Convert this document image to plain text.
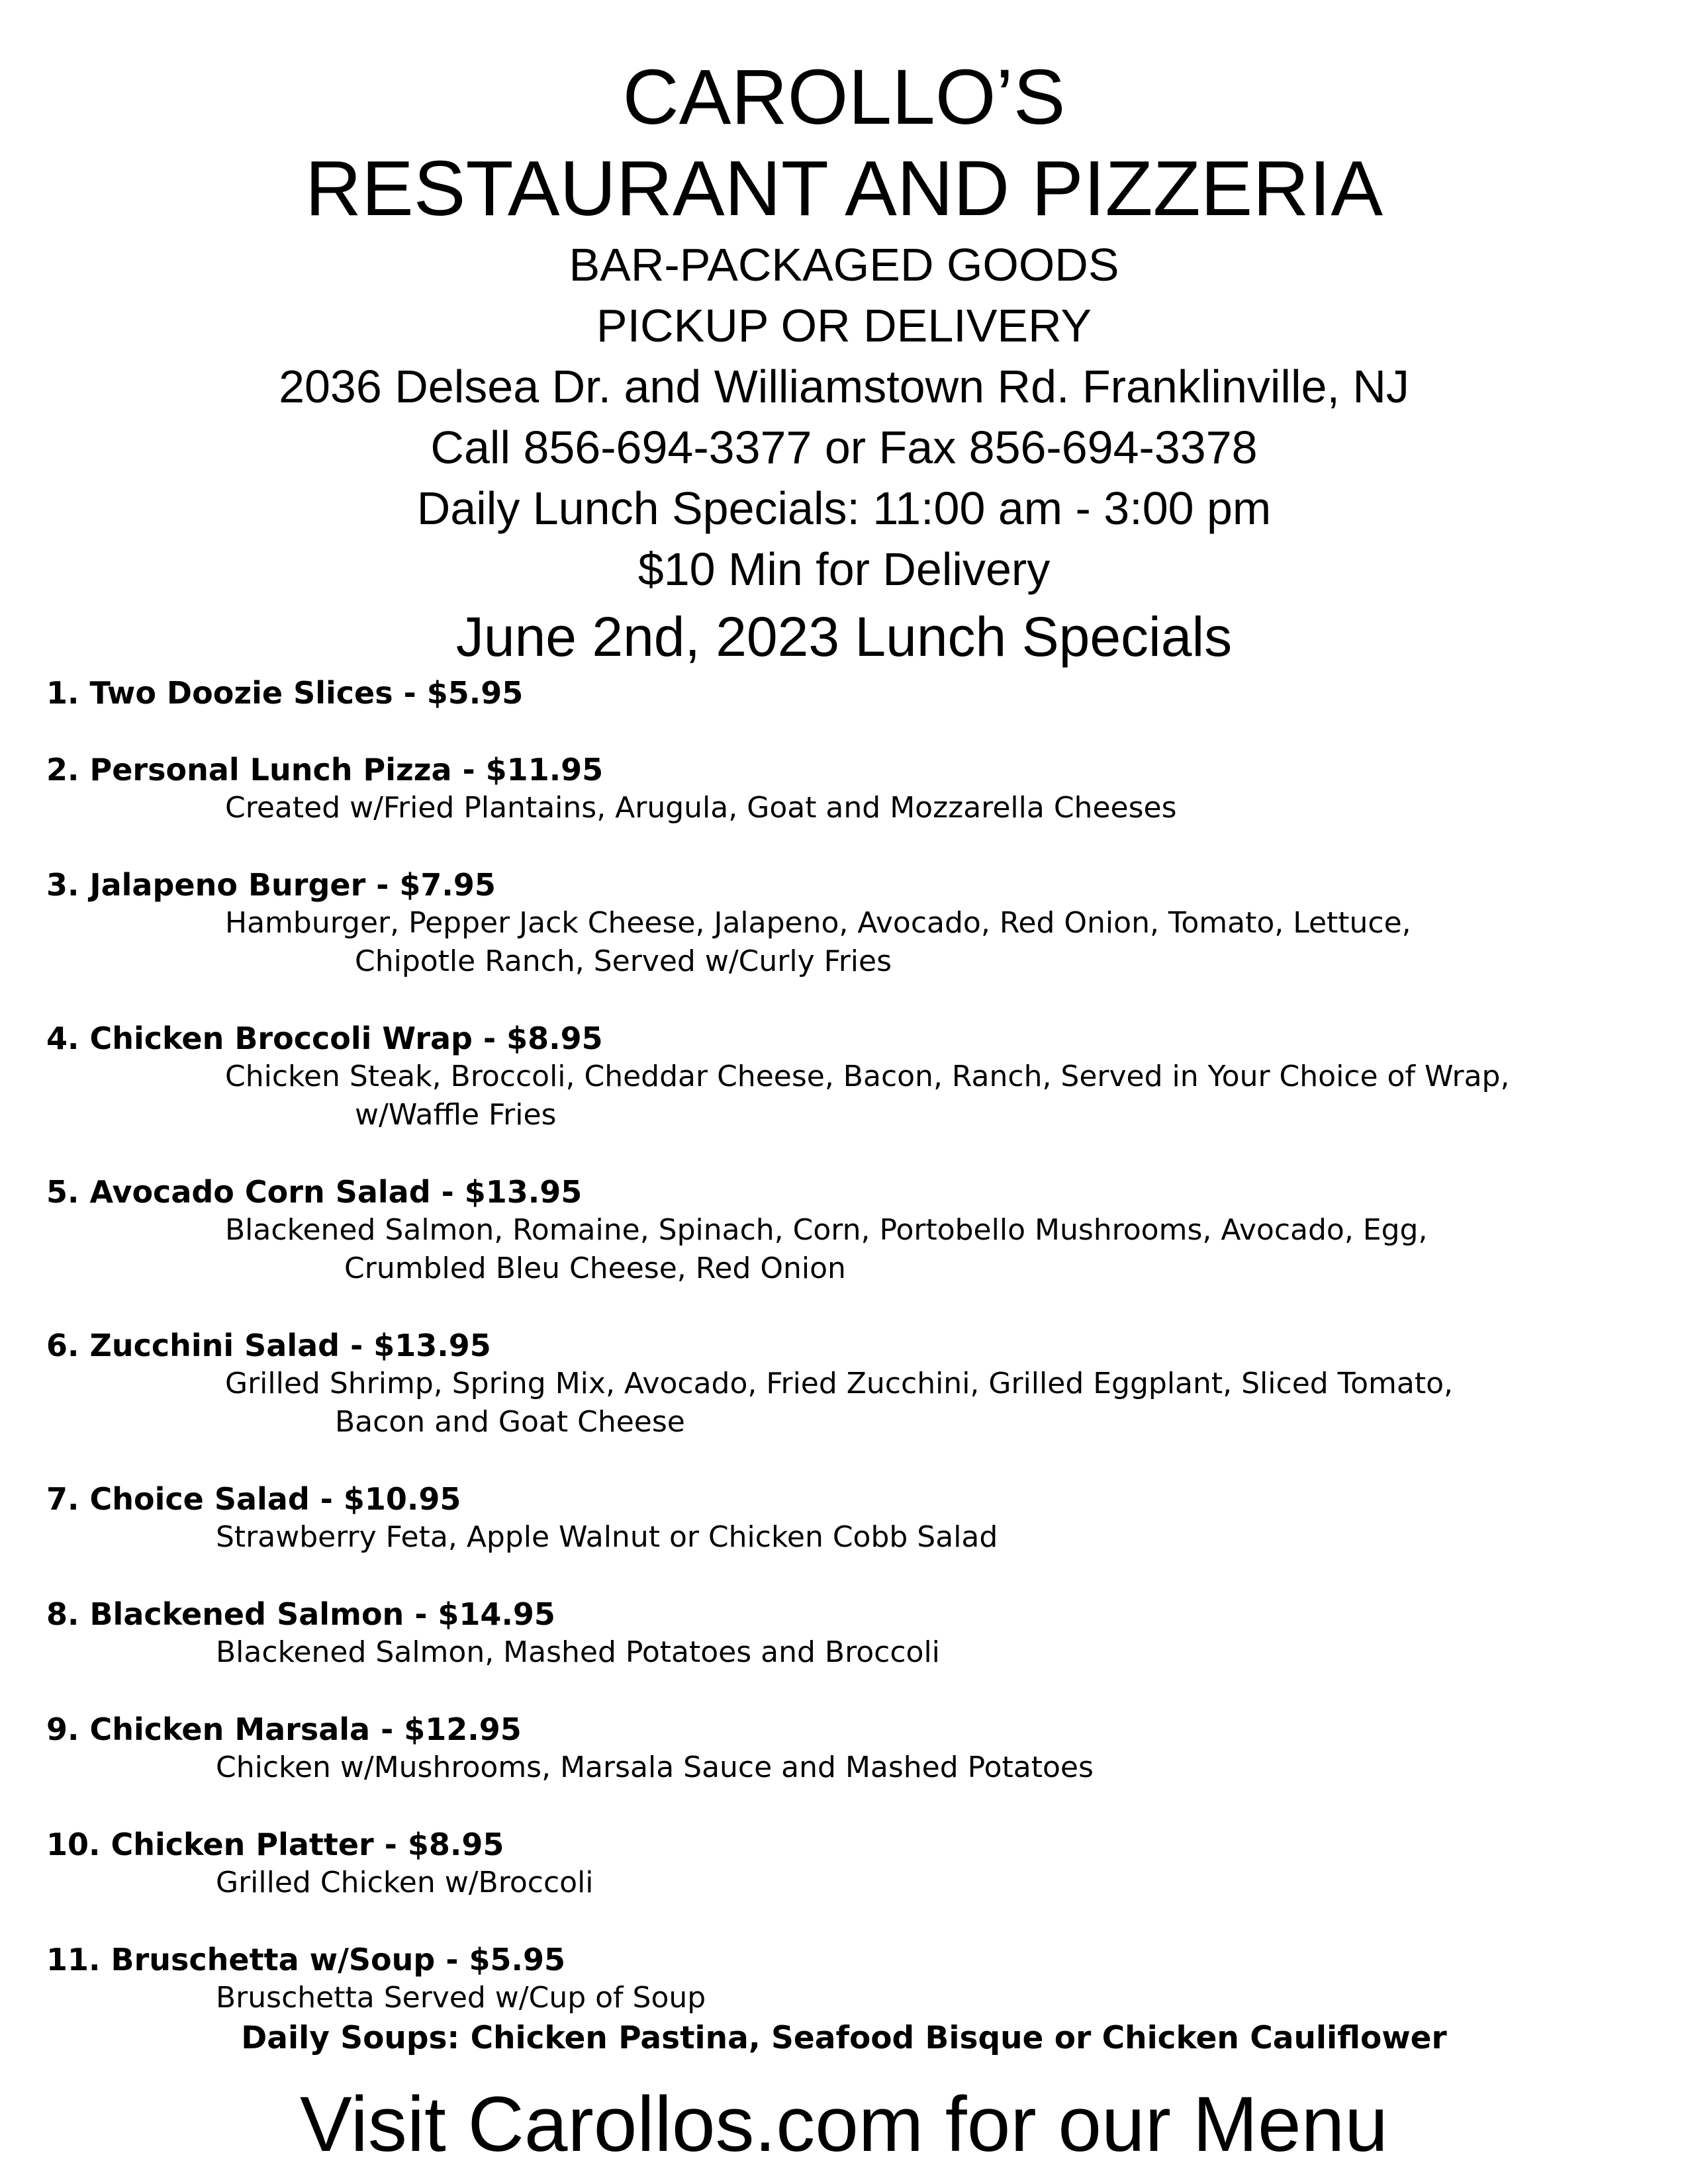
CAROLLO’S

RESTAURANT AND PIZZERIA

BAR-PACKAGED GOODS

PICKUP OR DELIVERY

2036 Delsea Dr. and Williamstown Rd. Franklinville, NJ

Call 856-694-3377 or Fax 856-694-3378

Daily Lunch Specials: 11:00 am - 3:00 pm

$10 Min for Delivery

June 2nd, 2023 Lunch Specials

1. Two Doozie Slices - $5.95

2. Personal Lunch Pizza - $11.95

Created w/Fried Plantains, Arugula, Goat and Mozzarella Cheeses

3. Jalapeno Burger - $7.95

Hamburger, Pepper Jack Cheese, Jalapeno, Avocado, Red Onion, Tomato, Lettuce,

Chipotle Ranch, Served w/Curly Fries

4. Chicken Broccoli Wrap - $8.95

Chicken Steak, Broccoli, Cheddar Cheese, Bacon, Ranch, Served in Your Choice of Wrap,

w/Waffle Fries

5. Avocado Corn Salad - $13.95

Blackened Salmon, Romaine, Spinach, Corn, Portobello Mushrooms, Avocado, Egg,

Crumbled Bleu Cheese, Red Onion

6. Zucchini Salad - $13.95

Grilled Shrimp, Spring Mix, Avocado, Fried Zucchini, Grilled Eggplant, Sliced Tomato,

Bacon and Goat Cheese

7. Choice Salad - $10.95

Strawberry Feta, Apple Walnut or Chicken Cobb Salad

8. Blackened Salmon - $14.95

Blackened Salmon, Mashed Potatoes and Broccoli

9. Chicken Marsala - $12.95

Chicken w/Mushrooms, Marsala Sauce and Mashed Potatoes

10. Chicken Platter - $8.95

Grilled Chicken w/Broccoli

11. Bruschetta w/Soup - $5.95

Bruschetta Served w/Cup of Soup

Daily Soups: Chicken Pastina, Seafood Bisque or Chicken Cauliflower
Visit Carollos.com for our Menu
